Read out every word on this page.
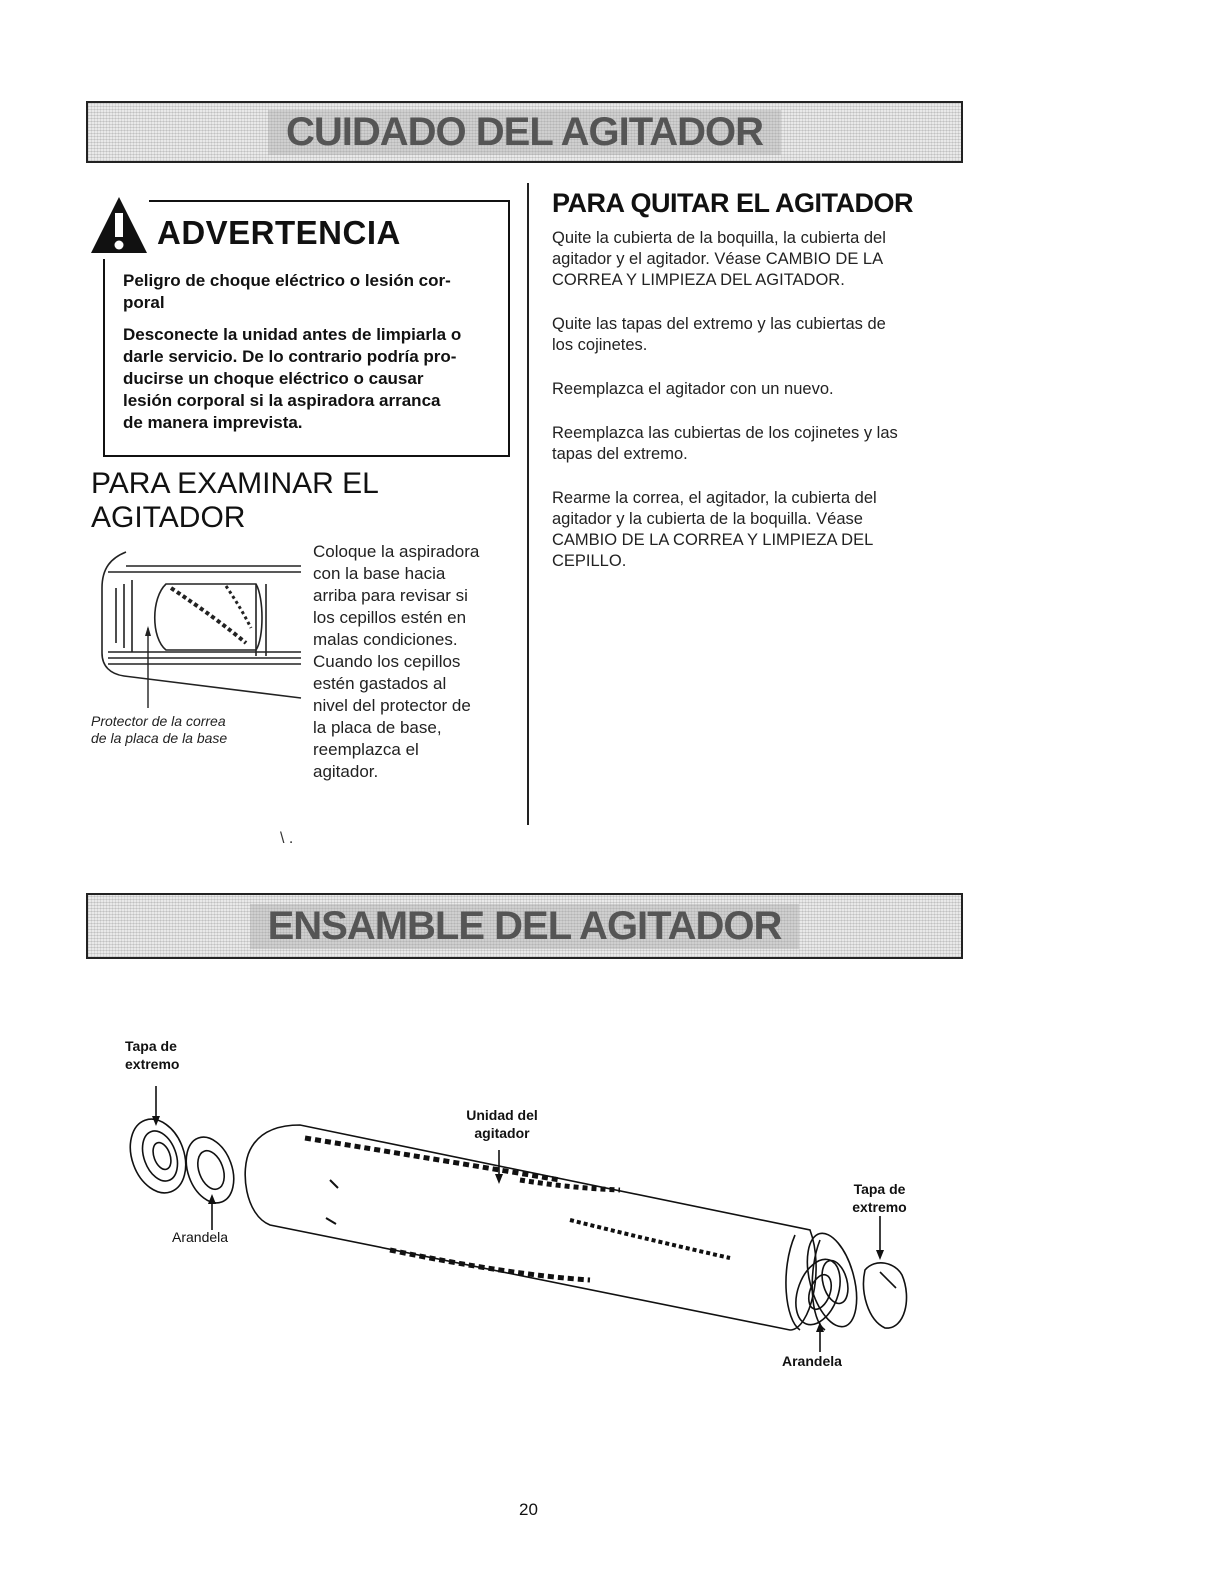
CUIDADO DEL AGITADOR
ADVERTENCIA

Peligro de choque eléctrico o lesión cor-
poral

Desconecte la unidad antes de limpiarla o
darle servicio. De lo contrario podría pro-
ducirse un choque eléctrico o causar
lesión corporal si la aspiradora arranca
de manera imprevista.

PARA EXAMINAR EL
AGITADOR
Coloque la aspiradora
con la base hacia
arriba para revisar si
los cepillos estén en
malas condiciones.
Cuando los cepillos
estén gastados al
nivel del protector de
la placa de base,
reemplazca el
agitador.
Protector de la correa
de la placa de la base
PARA QUITAR EL AGITADOR

Quite la cubierta de la boquilla, la cubierta del
agitador y el agitador. Véase CAMBIO DE LA
CORREA Y LIMPIEZA DEL AGITADOR.

Quite las tapas del extremo y las cubiertas de
los cojinetes.

Reemplazca el agitador con un nuevo.

Reemplazca las cubiertas de los cojinetes y las
tapas del extremo.

Rearme la correa, el agitador, la cubierta del
agitador y la cubierta de la boquilla. Véase
CAMBIO DE LA CORREA Y LIMPIEZA DEL
CEPILLO.

\ .
ENSAMBLE DEL AGITADOR
Tapa de
extremo
Unidad del
agitador
Arandela
Tapa de
extremo
Arandela
20
